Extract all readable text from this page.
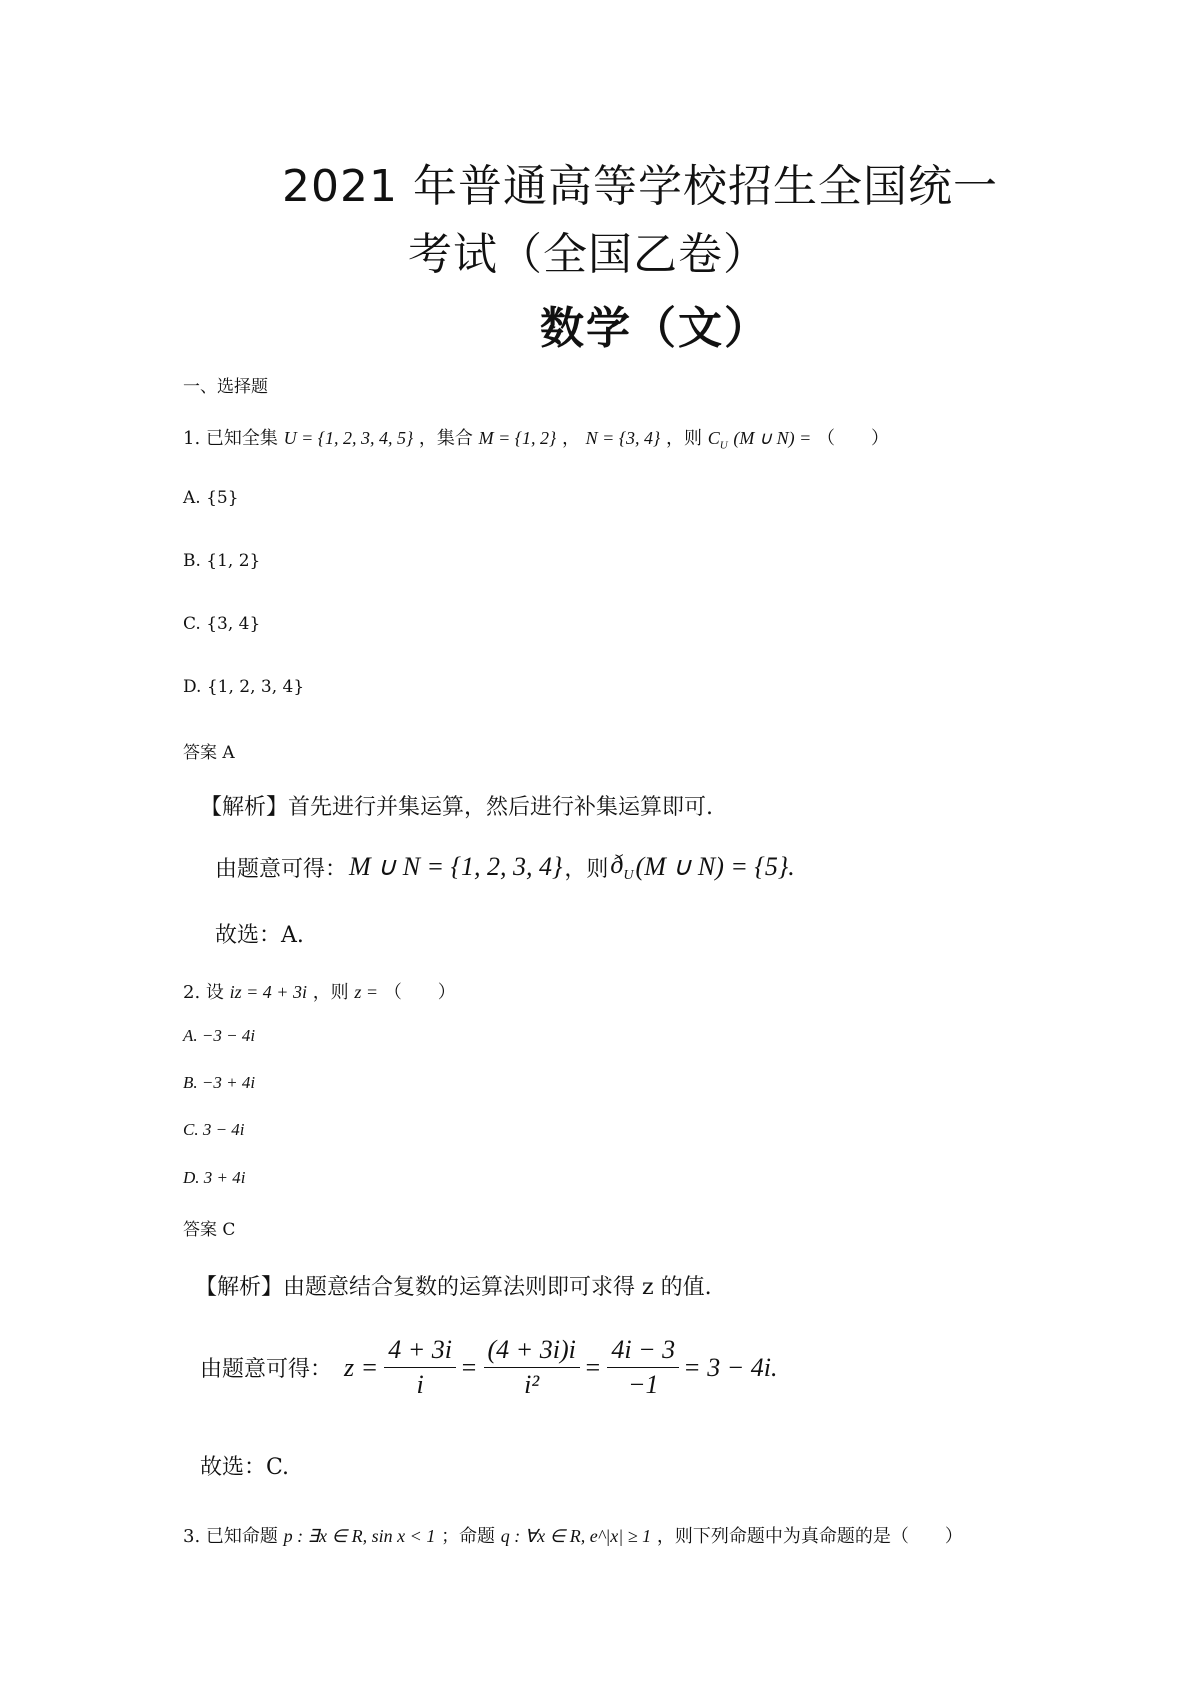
2021 年普通高等学校招生全国统一
考试（全国乙卷）
数学（文）
一、选择题
1. 已知全集 U = {1, 2, 3, 4, 5} ，集合 M = {1, 2} ， N = {3, 4} ，则 $C_U$ (M ∪ N) = （　　）
A. {5}
B. {1, 2}
C. {3, 4}
D. {1, 2, 3, 4}
答案 A
【解析】首先进行并集运算，然后进行补集运算即可.
由题意可得： M ∪ N = {1, 2, 3, 4} ，则 $ð_U$ (M ∪ N) = {5}.
故选：A.
2. 设 iz = 4 + 3i ，则 z = （　　）
A. −3 − 4i
B. −3 + 4i
C. 3 − 4i
D. 3 + 4i
答案 C
【解析】由题意结合复数的运算法则即可求得 z 的值.
由题意可得： $z = \frac{4 + 3i}{i} = \frac{(4 + 3i)i}{\text{i²}} = \frac{4i - 3}{-1} = 3 - 4i$.
故选：C.
3. 已知命题 p : ∃x ∈ R, sin x < 1 ；命题 q : ∀x ∈ R, e^|x| ≥ 1 ，则下列命题中为真命题的是（　　）
